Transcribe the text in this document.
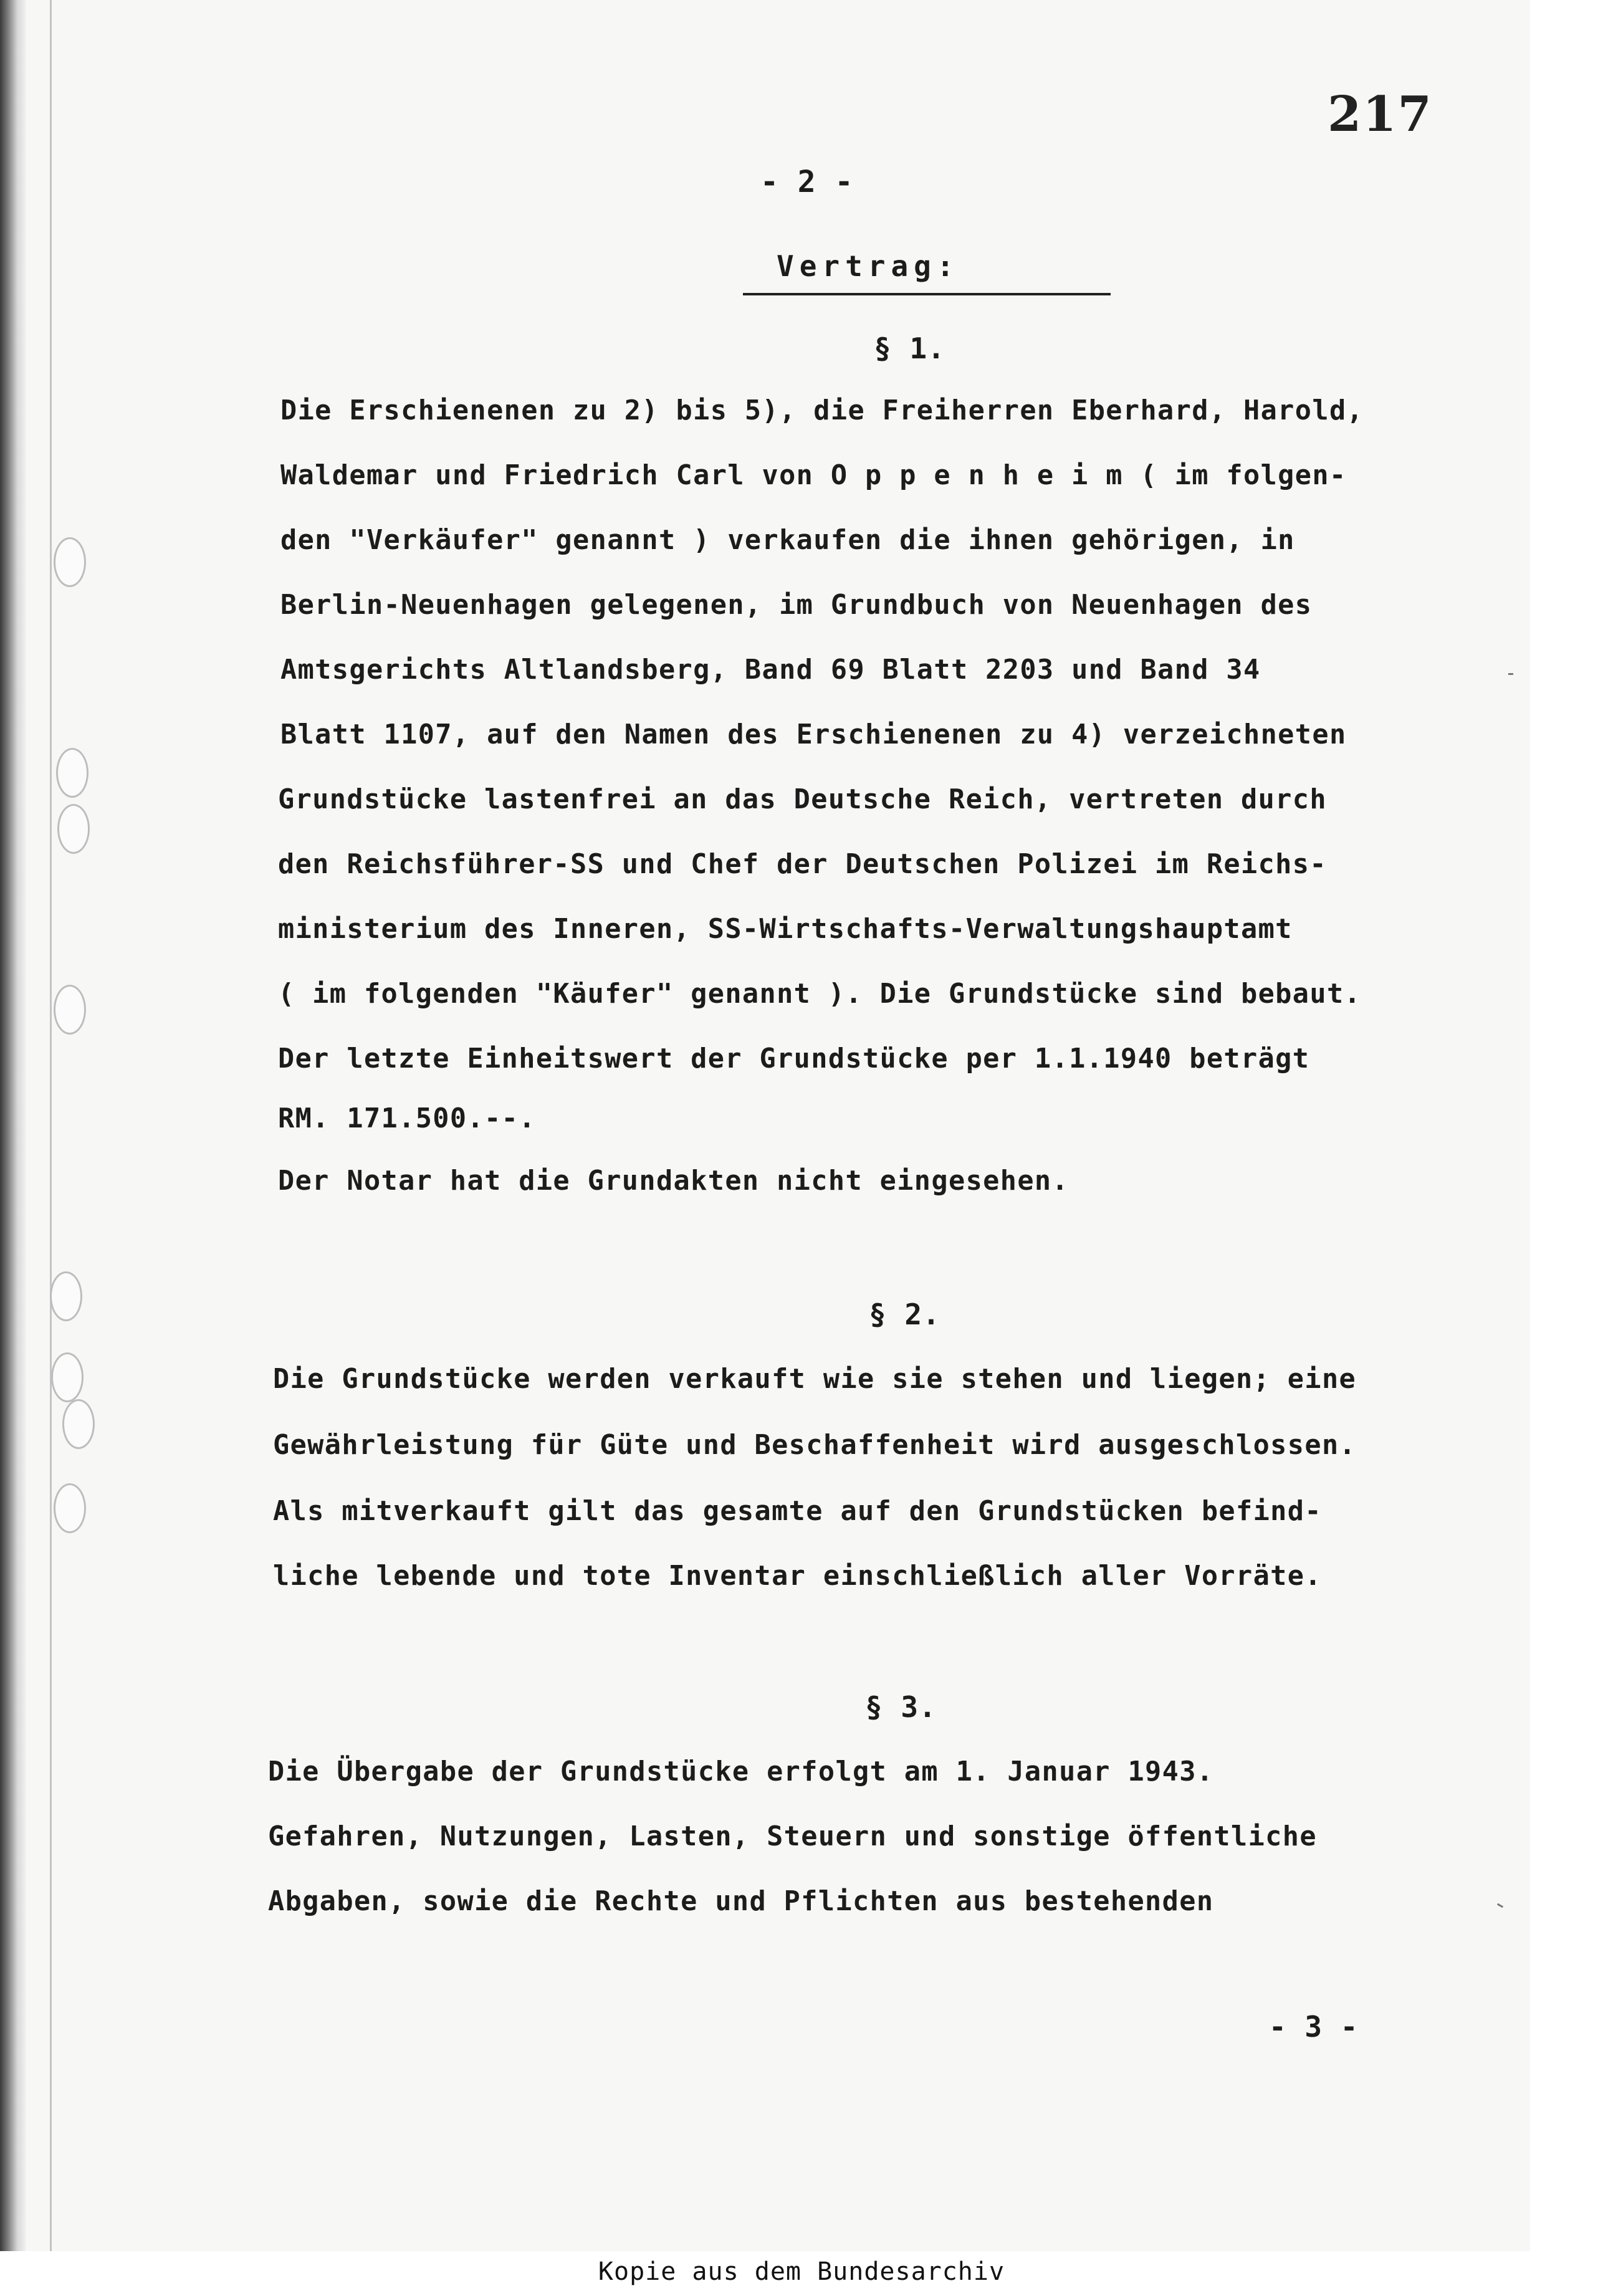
217
- 2 -
Vertrag:
§ 1.
Die Erschienenen zu 2) bis 5), die Freiherren Eberhard, Harold,
Waldemar und Friedrich Carl von O p p e n h e i m ( im folgen-
den "Verkäufer" genannt ) verkaufen die ihnen gehörigen, in
Berlin-Neuenhagen gelegenen, im Grundbuch von Neuenhagen des
Amtsgerichts Altlandsberg, Band 69 Blatt 2203 und Band 34
Blatt 1107, auf den Namen des Erschienenen zu 4) verzeichneten
Grundstücke lastenfrei an das Deutsche Reich, vertreten durch
den Reichsführer-SS und Chef der Deutschen Polizei im Reichs-
ministerium des Inneren, SS-Wirtschafts-Verwaltungshauptamt
( im folgenden "Käufer" genannt ). Die Grundstücke sind bebaut.
Der letzte Einheitswert der Grundstücke per 1.1.1940 beträgt
RM. 171.500.--.
Der Notar hat die Grundakten nicht eingesehen.
§ 2.
Die Grundstücke werden verkauft wie sie stehen und liegen; eine
Gewährleistung für Güte und Beschaffenheit wird ausgeschlossen.
Als mitverkauft gilt das gesamte auf den Grundstücken befind-
liche lebende und tote Inventar einschließlich aller Vorräte.
§ 3.
Die Übergabe der Grundstücke erfolgt am 1. Januar 1943.
Gefahren, Nutzungen, Lasten, Steuern und sonstige öffentliche
Abgaben, sowie die Rechte und Pflichten aus bestehenden
- 3 -
Kopie aus dem Bundesarchiv
